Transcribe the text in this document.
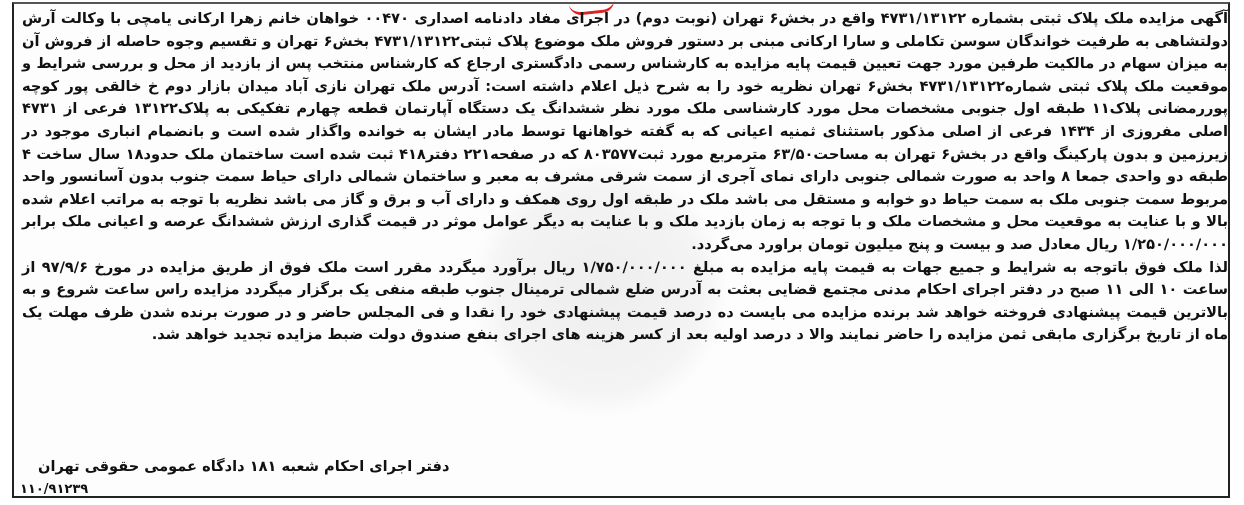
آگهی مزایده ملک پلاک ثبتی بشماره ۴۷۳۱/۱۳۱۲۲ واقع در بخش۶ تهران (نوبت دوم) در اجرای مفاد دادنامه اصداری ۰۰۴۷۰ خواهان خانم زهرا ارکانی یامچی با وکالت آرش دولتشاهی به طرفیت خواندگان سوسن تکاملی و سارا ارکانی مبنی بر دستور فروش ملک موضوع پلاک ثبتی۴۷۳۱/۱۳۱۲۲ بخش۶ تهران و تقسیم وجوه حاصله از فروش آن به میزان سهام در مالکیت طرفین مورد جهت تعیین قیمت پایه مزایده به کارشناس رسمی دادگستری ارجاع که کارشناس منتخب پس از بازدید از محل و بررسی شرایط و موقعیت ملک پلاک ثبتی شماره۴۷۳۱/۱۳۱۲۲ بخش۶ تهران نظریه خود را به شرح ذیل اعلام داشته است: آدرس ملک تهران نازی آباد میدان بازار دوم خ خالقی پور کوچه پوررمضانی پلاک۱۱ طبقه اول جنوبی مشخصات محل مورد کارشناسی ملک مورد نظر ششدانگ یک دستگاه آپارتمان قطعه چهارم تفکیکی به پلاک۱۳۱۲۲ فرعی از ۴۷۳۱ اصلی مفروزی از ۱۴۳۴ فرعی از اصلی مذکور باستثنای ثمنیه اعیانی که به گفته خواهانها توسط مادر ایشان به خوانده واگذار شده است و بانضمام انباری موجود در زیرزمین و بدون پارکینگ واقع در بخش۶ تهران به مساحت۶۳/۵۰ مترمربع مورد ثبت۸۰۳۵۷۷ که در صفحه۲۲۱ دفتر۴۱۸ ثبت شده است ساختمان ملک حدود۱۸ سال ساخت ۴ طبقه دو واحدی جمعا ۸ واحد به صورت شمالی جنوبی دارای نمای آجری از سمت شرقی مشرف به معبر و ساختمان شمالی دارای حیاط سمت جنوب بدون آسانسور واحد مربوط سمت جنوبی ملک به سمت حیاط دو خوابه و مستقل می باشد ملک در طبقه اول روی همکف و دارای آب و برق و گاز می باشد نظریه با توجه به مراتب اعلام شده بالا و با عنایت به موقعیت محل و مشخصات ملک و با توجه به زمان بازدید ملک و با عنایت به دیگر عوامل موثر در قیمت گذاری ارزش ششدانگ عرصه و اعیانی ملک برابر ۱/۲۵۰/۰۰۰/۰۰۰ ریال معادل صد و بیست و پنج میلیون تومان براورد می‌گردد.

لذا ملک فوق باتوجه به شرایط و جمیع جهات به قیمت پایه مزایده به مبلغ ۱/۷۵۰/۰۰۰/۰۰۰ ریال برآورد میگردد مقرر است ملک فوق از طریق مزایده در مورخ ۹۷/۹/۶ از ساعت ۱۰ الی ۱۱ صبح در دفتر اجرای احکام مدنی مجتمع قضایی بعثت به آدرس ضلع شمالی ترمینال جنوب طبقه منفی یک برگزار میگردد مزایده راس ساعت شروع و به بالاترین قیمت پیشنهادی فروخته خواهد شد برنده مزایده می بایست ده درصد قیمت پیشنهادی خود را نقدا و فی المجلس حاضر و در صورت برنده شدن ظرف مهلت یک ماه از تاریخ برگزاری مابقی ثمن مزایده را حاضر نمایند والا د درصد اولیه بعد از کسر هزینه های اجرای بنفع صندوق دولت ضبط مزایده تجدید خواهد شد.

دفتر اجرای احکام شعبه ۱۸۱ دادگاه عمومی حقوقی تهران
۱۱۰/۹۱۲۳۹
